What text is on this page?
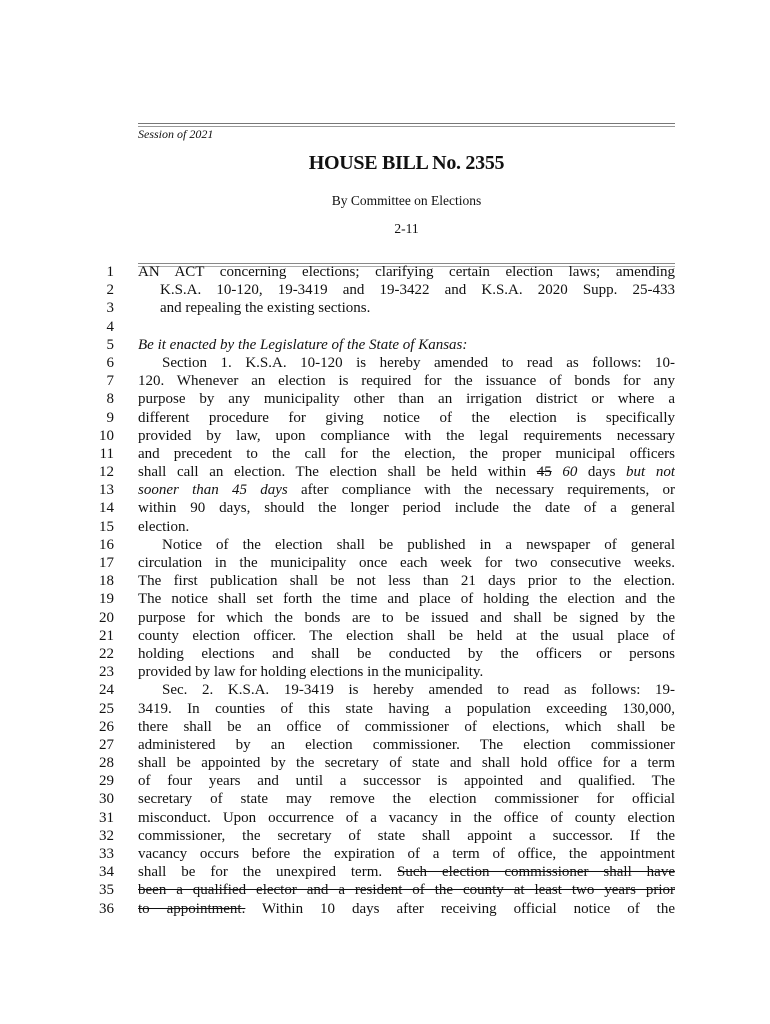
Session of 2021
HOUSE BILL No. 2355
By Committee on Elections
2-11
1 AN ACT concerning elections; clarifying certain election laws; amending
2	K.S.A. 10-120, 19-3419 and 19-3422 and K.S.A. 2020 Supp. 25-433
3	and repealing the existing sections.
4
5 Be it enacted by the Legislature of the State of Kansas:
6	Section 1. K.S.A. 10-120 is hereby amended to read as follows: 10-
7 120. Whenever an election is required for the issuance of bonds for any
8 purpose by any municipality other than an irrigation district or where a
9 different procedure for giving notice of the election is specifically
10 provided by law, upon compliance with the legal requirements necessary
11 and precedent to the call for the election, the proper municipal officers
12 shall call an election. The election shall be held within 45 60 days but not
13 sooner than 45 days after compliance with the necessary requirements, or
14 within 90 days, should the longer period include the date of a general
15 election.
16	Notice of the election shall be published in a newspaper of general
17 circulation in the municipality once each week for two consecutive weeks.
18 The first publication shall be not less than 21 days prior to the election.
19 The notice shall set forth the time and place of holding the election and the
20 purpose for which the bonds are to be issued and shall be signed by the
21 county election officer. The election shall be held at the usual place of
22 holding elections and shall be conducted by the officers or persons
23 provided by law for holding elections in the municipality.
24	Sec. 2. K.S.A. 19-3419 is hereby amended to read as follows: 19-
25 3419. In counties of this state having a population exceeding 130,000,
26 there shall be an office of commissioner of elections, which shall be
27 administered by an election commissioner. The election commissioner
28 shall be appointed by the secretary of state and shall hold office for a term
29 of four years and until a successor is appointed and qualified. The
30 secretary of state may remove the election commissioner for official
31 misconduct. Upon occurrence of a vacancy in the office of county election
32 commissioner, the secretary of state shall appoint a successor. If the
33 vacancy occurs before the expiration of a term of office, the appointment
34 shall be for the unexpired term. Such election commissioner shall have
35 been a qualified elector and a resident of the county at least two years prior
36 to appointment. Within 10 days after receiving official notice of the
